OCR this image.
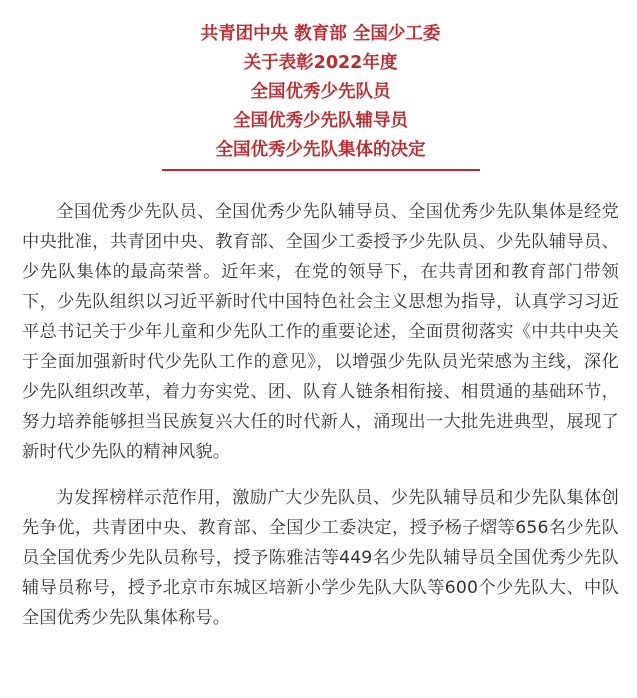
共青团中央 教育部 全国少工委
关于表彰2022年度
全国优秀少先队员
全国优秀少先队辅导员
全国优秀少先队集体的决定

全国优秀少先队员、全国优秀少先队辅导员、全国优秀少先队集体是经党中央批准，共青团中央、教育部、全国少工委授予少先队员、少先队辅导员、少先队集体的最高荣誉。近年来，在党的领导下，在共青团和教育部门带领下，少先队组织以习近平新时代中国特色社会主义思想为指导，认真学习习近平总书记关于少年儿童和少先队工作的重要论述，全面贯彻落实《中共中央关于全面加强新时代少先队工作的意见》，以增强少先队员光荣感为主线，深化少先队组织改革，着力夯实党、团、队育人链条相衔接、相贯通的基础环节，努力培养能够担当民族复兴大任的时代新人，涌现出一大批先进典型，展现了新时代少先队的精神风貌。

为发挥榜样示范作用，激励广大少先队员、少先队辅导员和少先队集体创先争优，共青团中央、教育部、全国少工委决定，授予杨子熠等656名少先队员全国优秀少先队员称号，授予陈雅洁等449名少先队辅导员全国优秀少先队辅导员称号，授予北京市东城区培新小学少先队大队等600个少先队大、中队全国优秀少先队集体称号。
